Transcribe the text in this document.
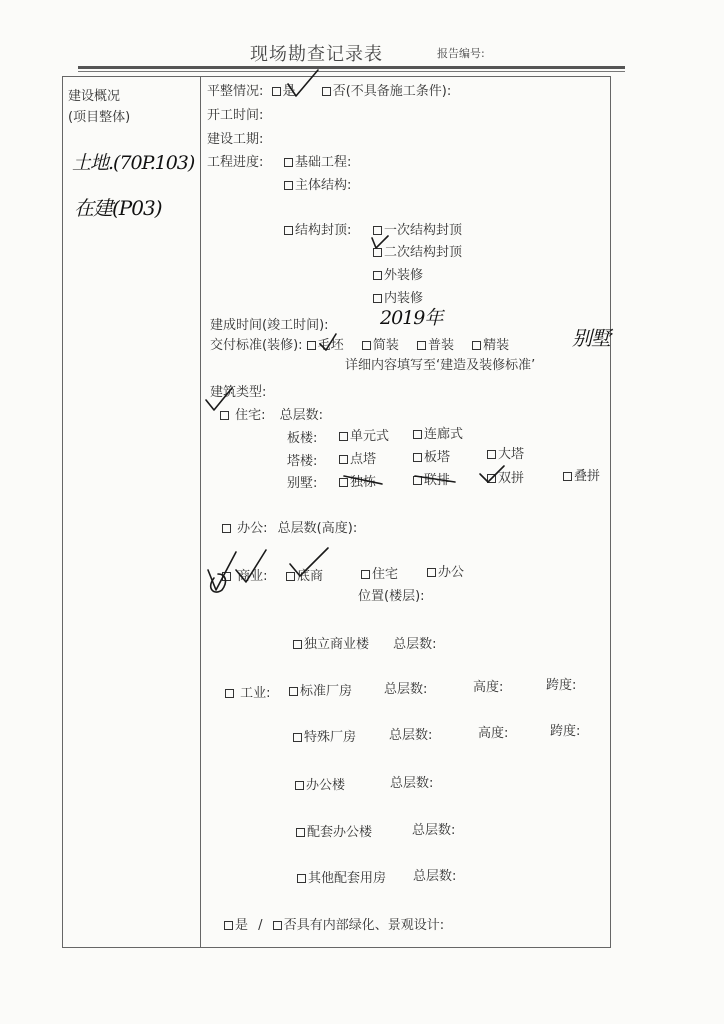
现场勘查记录表	报告编号:
建设概况
(项目整体)
土地.(70P.103)
在建(P03)
平整情况: 是	否(不具备施工条件):
开工时间:
建设工期:
工程进度:	基础工程:
主体结构:
结构封顶:	一次结构封顶
二次结构封顶
外装修
内装修
建成时间(竣工时间):	2019年
交付标准(装修): 毛坯 简装 普装 精装	别墅
详细内容填写至‘建造及装修标准’
建筑类型:
住宅: 总层数:
板楼:	单元式	连廊式
塔楼:	点塔	板塔	大塔
别墅:	独栋	联排	双拼	叠拼
办公: 总层数(高度):
商业:	底商	住宅	办公
位置(楼层):
独立商业楼 总层数:
工业:	标准厂房 总层数:	高度:	跨度:
特殊厂房	总层数:	高度:	跨度:
办公楼	总层数:
配套办公楼	总层数:
其他配套用房 总层数:
是 / 否具有内部绿化、景观设计:
